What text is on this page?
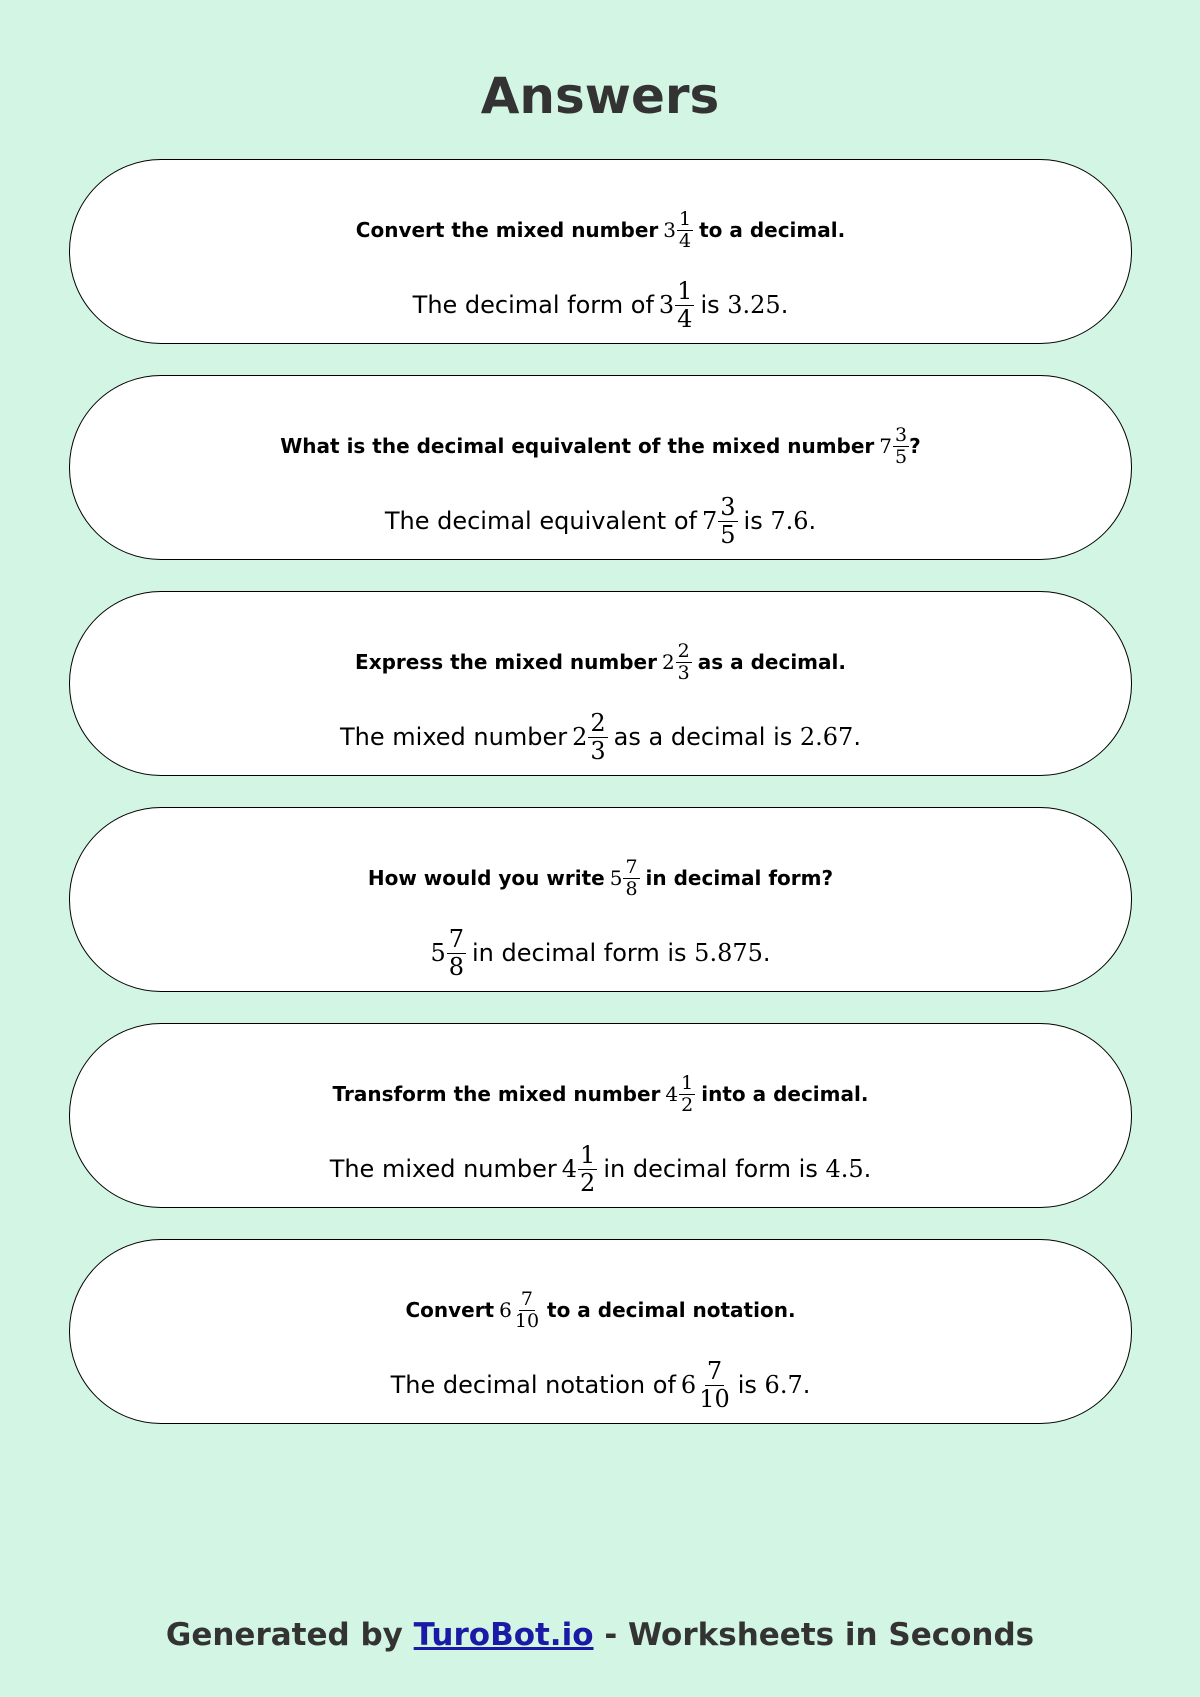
Answers
Convert the mixed number $3 \frac{1}{4}$ to a decimal.
The decimal form of $3 \frac{1}{4}$ is
3.25 .
What is the decimal equivalent of the mixed number $7 \frac{3}{5}$ ?
The decimal equivalent of $7 \frac{3}{5}$ is
7.6 .
Express the mixed number $2 \frac{2}{3}$ as a decimal.
The mixed number $2 \frac{2}{3}$ as a decimal is
2.67 .
How would you write $5 \frac{7}{8}$ in decimal form?
$5 \frac{7}{8}$ in decimal form is
5.875 .
Transform the mixed number $4 \frac{1}{2}$ into a decimal.
The mixed number $4 \frac{1}{2}$ in decimal form is
4.5 .
Convert $6 \frac{7}{10}$ to a decimal notation.
The decimal notation of $6 \frac{7}{10}$ is
6.7 .

Generated by TuroBot.io - Worksheets in Seconds
